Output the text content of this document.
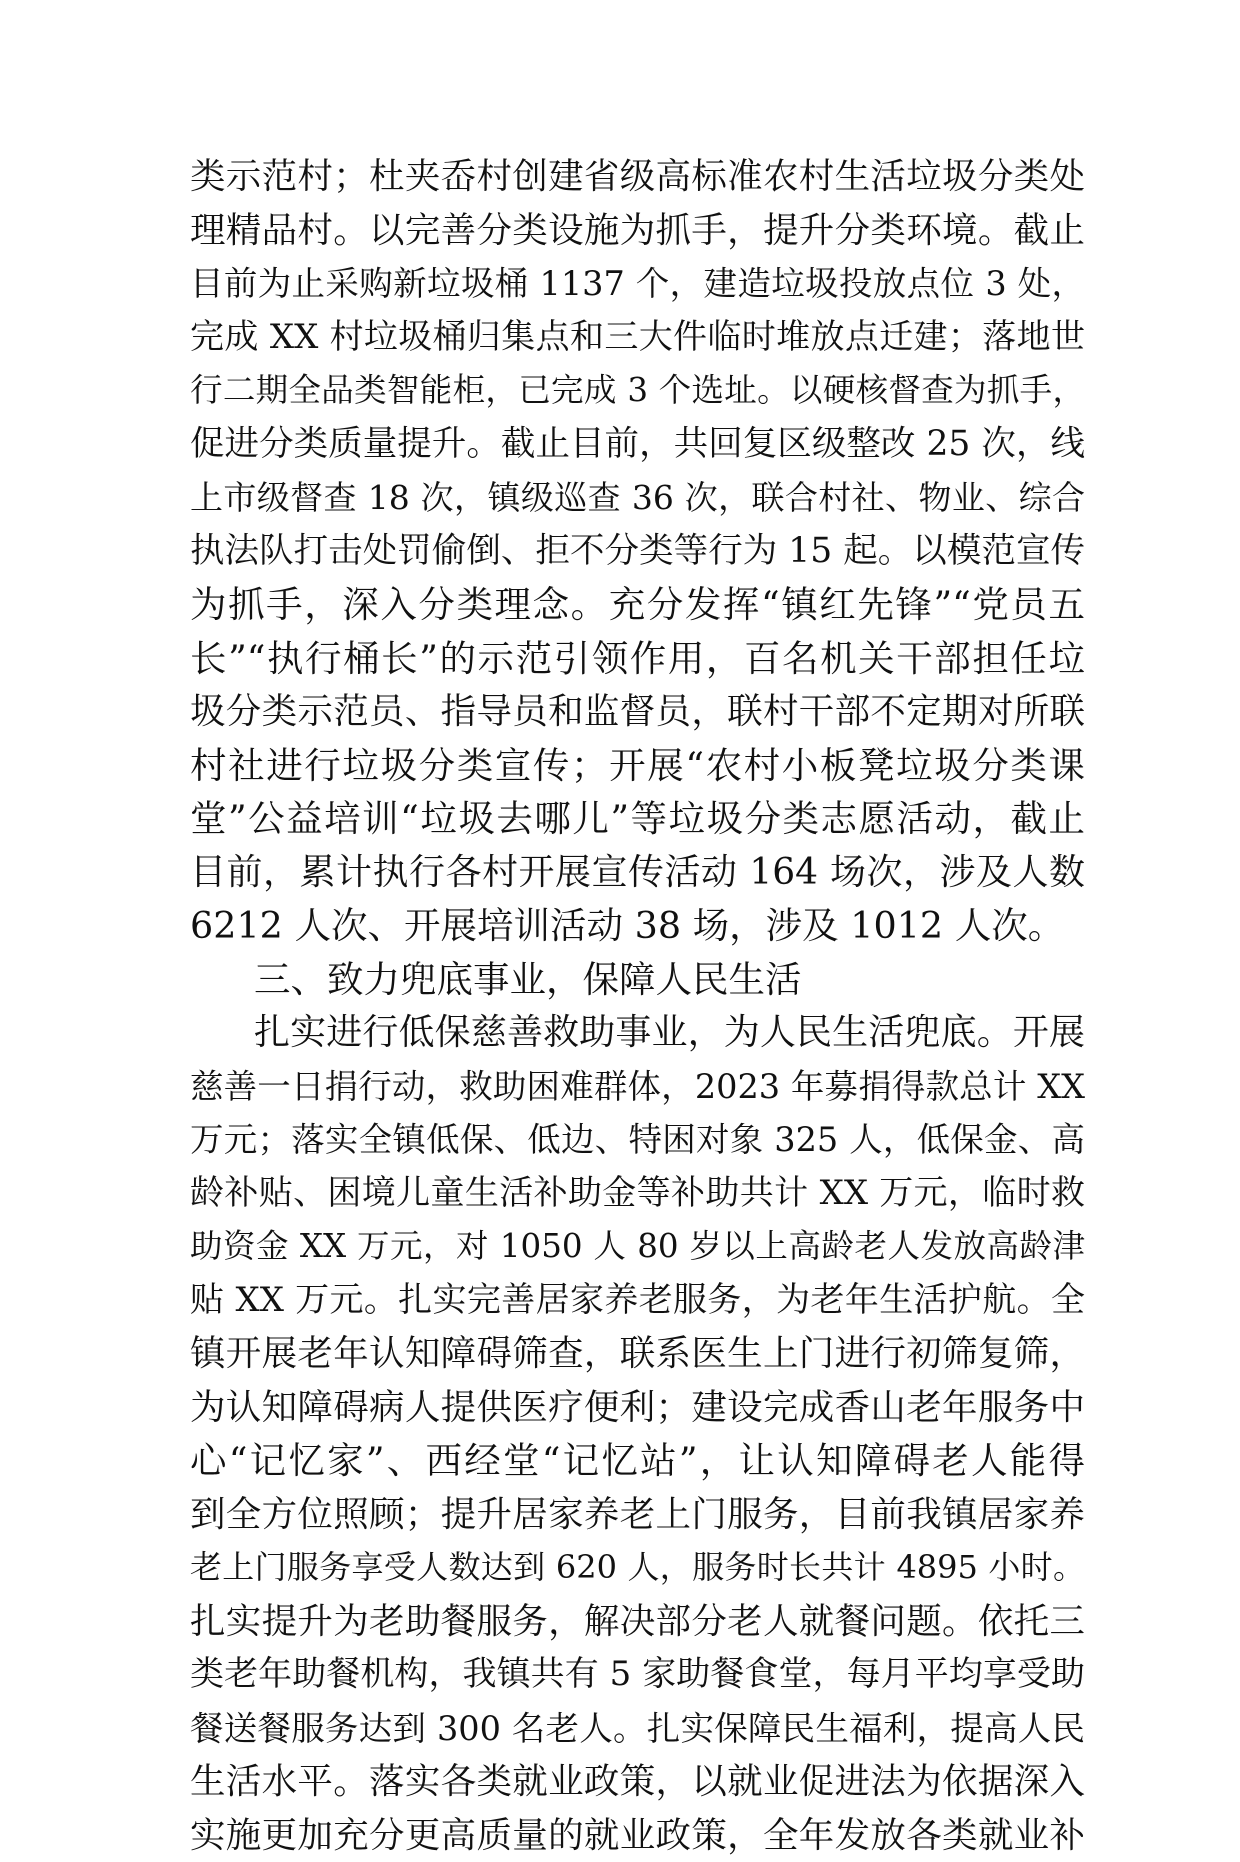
类示范村；杜夹岙村创建省级高标准农村生活垃圾分类处
理精品村。以完善分类设施为抓手，提升分类环境。截止
目前为止采购新垃圾桶 1137 个，建造垃圾投放点位 3 处，
完成 XX 村垃圾桶归集点和三大件临时堆放点迁建；落地世
行二期全品类智能柜，已完成 3 个选址。以硬核督查为抓手，
促进分类质量提升。截止目前，共回复区级整改 25 次，线
上市级督查 18 次，镇级巡查 36 次，联合村社、物业、综合
执法队打击处罚偷倒、拒不分类等行为 15 起。以模范宣传
为抓手，深入分类理念。充分发挥“镇红先锋”“党员五
长”“执行桶长”的示范引领作用，百名机关干部担任垃
圾分类示范员、指导员和监督员，联村干部不定期对所联
村社进行垃圾分类宣传；开展“农村小板凳垃圾分类课
堂”公益培训“垃圾去哪儿”等垃圾分类志愿活动，截止
目前，累计执行各村开展宣传活动 164 场次，涉及人数
6212 人次、开展培训活动 38 场，涉及 1012 人次。
三、致力兜底事业，保障人民生活
扎实进行低保慈善救助事业，为人民生活兜底。开展
慈善一日捐行动，救助困难群体，2023 年募捐得款总计 XX
万元；落实全镇低保、低边、特困对象 325 人，低保金、高
龄补贴、困境儿童生活补助金等补助共计 XX 万元，临时救
助资金 XX 万元，对 1050 人 80 岁以上高龄老人发放高龄津
贴 XX 万元。扎实完善居家养老服务，为老年生活护航。全
镇开展老年认知障碍筛查，联系医生上门进行初筛复筛，
为认知障碍病人提供医疗便利；建设完成香山老年服务中
心“记忆家”、西经堂“记忆站”，让认知障碍老人能得
到全方位照顾；提升居家养老上门服务，目前我镇居家养
老上门服务享受人数达到 620 人，服务时长共计 4895 小时。
扎实提升为老助餐服务，解决部分老人就餐问题。依托三
类老年助餐机构，我镇共有 5 家助餐食堂，每月平均享受助
餐送餐服务达到 300 名老人。扎实保障民生福利，提高人民
生活水平。落实各类就业政策，以就业促进法为依据深入
实施更加充分更高质量的就业政策，全年发放各类就业补
